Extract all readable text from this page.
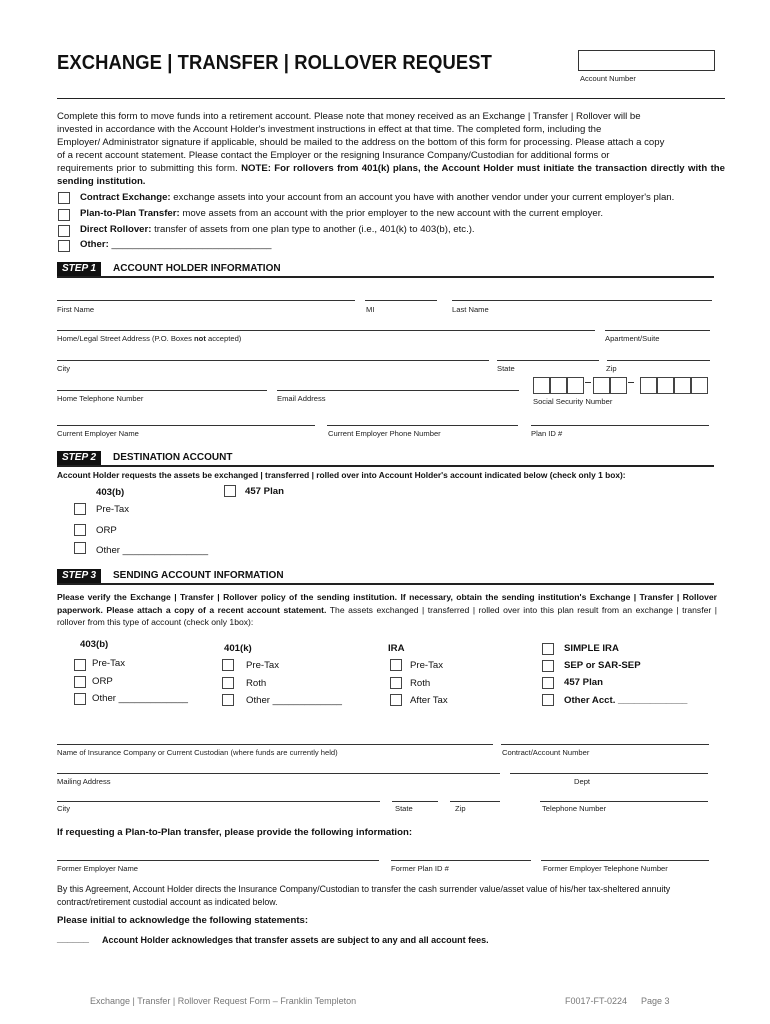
EXCHANGE | TRANSFER | ROLLOVER REQUEST
Account Number
Complete this form to move funds into a retirement account. Please note that money received as an Exchange | Transfer | Rollover will be
invested in accordance with the Account Holder's investment instructions in effect at that time. The completed form, including the
Employer/ Administrator signature if applicable, should be mailed to the address on the bottom of this form for processing. Please attach a copy
of a recent account statement. Please contact the Employer or the resigning Insurance Company/Custodian for additional forms or
requirements prior to submitting this form. NOTE: For rollovers from 401(k) plans, the Account Holder must initiate the transaction directly with the sending institution.
Contract Exchange: exchange assets into your account from an account you have with another vendor under your current employer's plan.
Plan-to-Plan Transfer: move assets from an account with the prior employer to the new account with the current employer.
Direct Rollover: transfer of assets from one plan type to another (i.e., 401(k) to 403(b), etc.).
Other: ______________________________
STEP 1	ACCOUNT HOLDER INFORMATION
First Name	MI	Last Name
Home/Legal Street Address (P.O. Boxes not accepted)	Apartment/Suite
City	State	Zip
Home Telephone Number	Email Address	Social Security Number
Current Employer Name	Current Employer Phone Number	Plan ID #
STEP 2	DESTINATION ACCOUNT
Account Holder requests the assets be exchanged | transferred | rolled over into Account Holder's account indicated below (check only 1 box):
403(b)	457 Plan
Pre-Tax
ORP
Other ________________
STEP 3	SENDING ACCOUNT INFORMATION
Please verify the Exchange | Transfer | Rollover policy of the sending institution. If necessary, obtain the sending institution's Exchange | Transfer | Rollover paperwork. Please attach a copy of a recent account statement. The assets exchanged | transferred | rolled over into this plan result from an exchange | transfer | rollover from this type of account (check only 1box):
403(b)
Pre-Tax
ORP
Other _____________
401(k)
Pre-Tax
Roth
Other _____________
IRA
Pre-Tax
Roth
After Tax
SIMPLE IRA
SEP or SAR-SEP
457 Plan
Other Acct. _____________
Name of Insurance Company or Current Custodian (where funds are currently held)	Contract/Account Number
Mailing Address	Dept
City	State	Zip	Telephone Number
If requesting a Plan-to-Plan transfer, please provide the following information:
Former Employer Name	Former Plan ID #	Former Employer Telephone Number
By this Agreement, Account Holder directs the Insurance Company/Custodian to transfer the cash surrender value/asset value of his/her tax-sheltered annuity contract/retirement custodial account as indicated below.
Please initial to acknowledge the following statements:
______ Account Holder acknowledges that transfer assets are subject to any and all account fees.
Exchange | Transfer | Rollover Request Form – Franklin Templeton	F0017-FT-0224 Page 3
